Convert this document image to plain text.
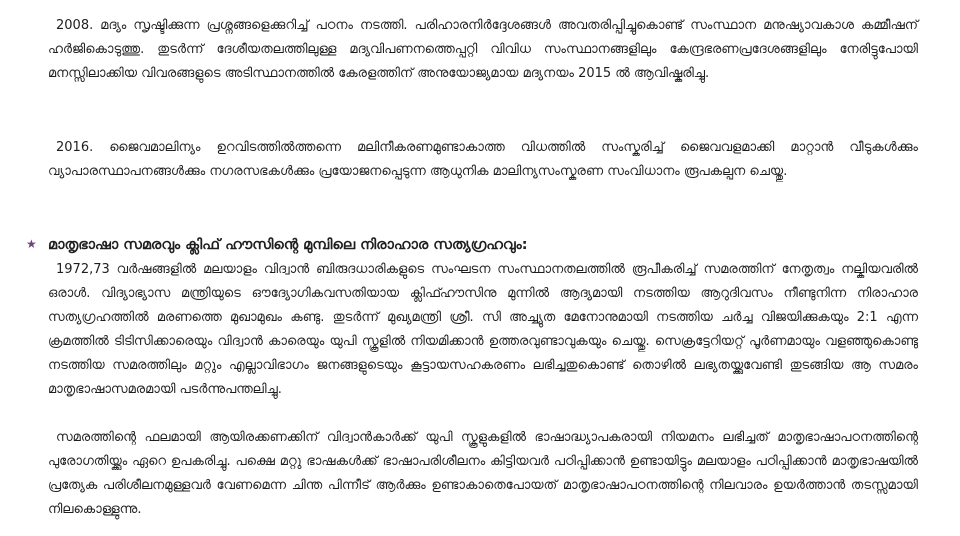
2008. മദ്യം സൃഷ്ടിക്കുന്ന പ്രശ്നങ്ങളെക്കുറിച്ച് പഠനം നടത്തി. പരിഹാരനിർദ്ദേശങ്ങൾ അവതരിപ്പിച്ചുകൊണ്ട് സംസ്ഥാന മനുഷ്യാവകാശ കമ്മീഷന് ഹർജികൊടുത്തു. തുടർന്ന് ദേശീയതലത്തിലുള്ള മദ്യവിപണനത്തെപ്പറ്റി വിവിധ സംസ്ഥാനങ്ങളിലും കേന്ദ്രഭരണപ്രദേശങ്ങളിലും നേരിട്ടുപോയി മനസ്സിലാക്കിയ വിവരങ്ങളുടെ അടിസ്ഥാനത്തിൽ കേരളത്തിന് അനുയോജ്യമായ മദ്യനയം 2015 ൽ ആവിഷ്കരിച്ചു.

2016. ജൈവമാലിന്യം ഉറവിടത്തിൽത്തന്നെ മലിനീകരണമുണ്ടാകാത്ത വിധത്തിൽ സംസ്കരിച്ച് ജൈവവളമാക്കി മാറ്റാൻ വീടുകൾക്കും വ്യാപാരസ്ഥാപനങ്ങൾക്കും നഗരസഭകൾക്കും പ്രയോജനപ്പെടുന്ന ആധുനിക മാലിന്യസംസ്കരണ സംവിധാനം രൂപകല്പന ചെയ്തു.

★ മാതൃഭാഷാ സമരവും ക്ലിഫ് ഹൗസിന്റെ മുമ്പിലെ നിരാഹാര സത്യഗ്രഹവും:

1972,73 വർഷങ്ങളിൽ മലയാളം വിദ്വാൻ ബിരുദധാരികളുടെ സംഘടന സംസ്ഥാനതലത്തിൽ രൂപീകരിച്ച് സമരത്തിന് നേതൃത്വം നല്കിയവരിൽ ഒരാൾ. വിദ്യാഭ്യാസ മന്ത്രിയുടെ ഔദ്യോഗികവസതിയായ ക്ലിഫ്ഹൗസിനു മുന്നിൽ ആദ്യമായി നടത്തിയ ആറുദിവസം നീണ്ടുനിന്ന നിരാഹാര സത്യഗ്രഹത്തിൽ മരണത്തെ മുഖാമുഖം കണ്ടു. തുടർന്ന് മുഖ്യമന്ത്രി ശ്രീ. സി അച്ച്യുത മേനോനുമായി നടത്തിയ ചർച്ച വിജയിക്കുകയും 2:1 എന്ന ക്രമത്തിൽ ടിടിസിക്കാരെയും വിദ്വാൻ കാരെയും യുപി സ്കൂളിൽ നിയമിക്കാൻ ഉത്തരവുണ്ടാവുകയും ചെയ്തു. സെക്രട്ടേറിയറ്റ് പൂർണമായും വളഞ്ഞുകൊണ്ടു നടത്തിയ സമരത്തിലും മറ്റും എല്ലാവിഭാഗം ജനങ്ങളുടെയും കൂട്ടായസഹകരണം ലഭിച്ചതുകൊണ്ട് തൊഴിൽ ലഭ്യതയ്ക്കുവേണ്ടി തുടങ്ങിയ ആ സമരം മാതൃഭാഷാസമരമായി പടർന്നുപന്തലിച്ചു.

സമരത്തിന്റെ ഫലമായി ആയിരക്കണക്കിന് വിദ്വാൻകാർക്ക് യുപി സ്കൂളുകളിൽ ഭാഷാദ്ധ്യാപകരായി നിയമനം ലഭിച്ചത് മാതൃഭാഷാപഠനത്തിന്റെ പുരോഗതിയ്ക്കും ഏറെ ഉപകരിച്ചു. പക്ഷെ മറ്റു ഭാഷകൾക്ക് ഭാഷാപരിശീലനം കിട്ടിയവർ പഠിപ്പിക്കാൻ ഉണ്ടായിട്ടും മലയാളം പഠിപ്പിക്കാൻ മാതൃഭാഷയിൽ പ്രത്യേക പരിശീലനമുള്ളവർ വേണമെന്ന ചിന്ത പിന്നീട് ആർക്കും ഉണ്ടാകാതെപോയത് മാതൃഭാഷാപഠനത്തിന്റെ നിലവാരം ഉയർത്താൻ തടസ്സമായി നിലകൊള്ളുന്നു.
